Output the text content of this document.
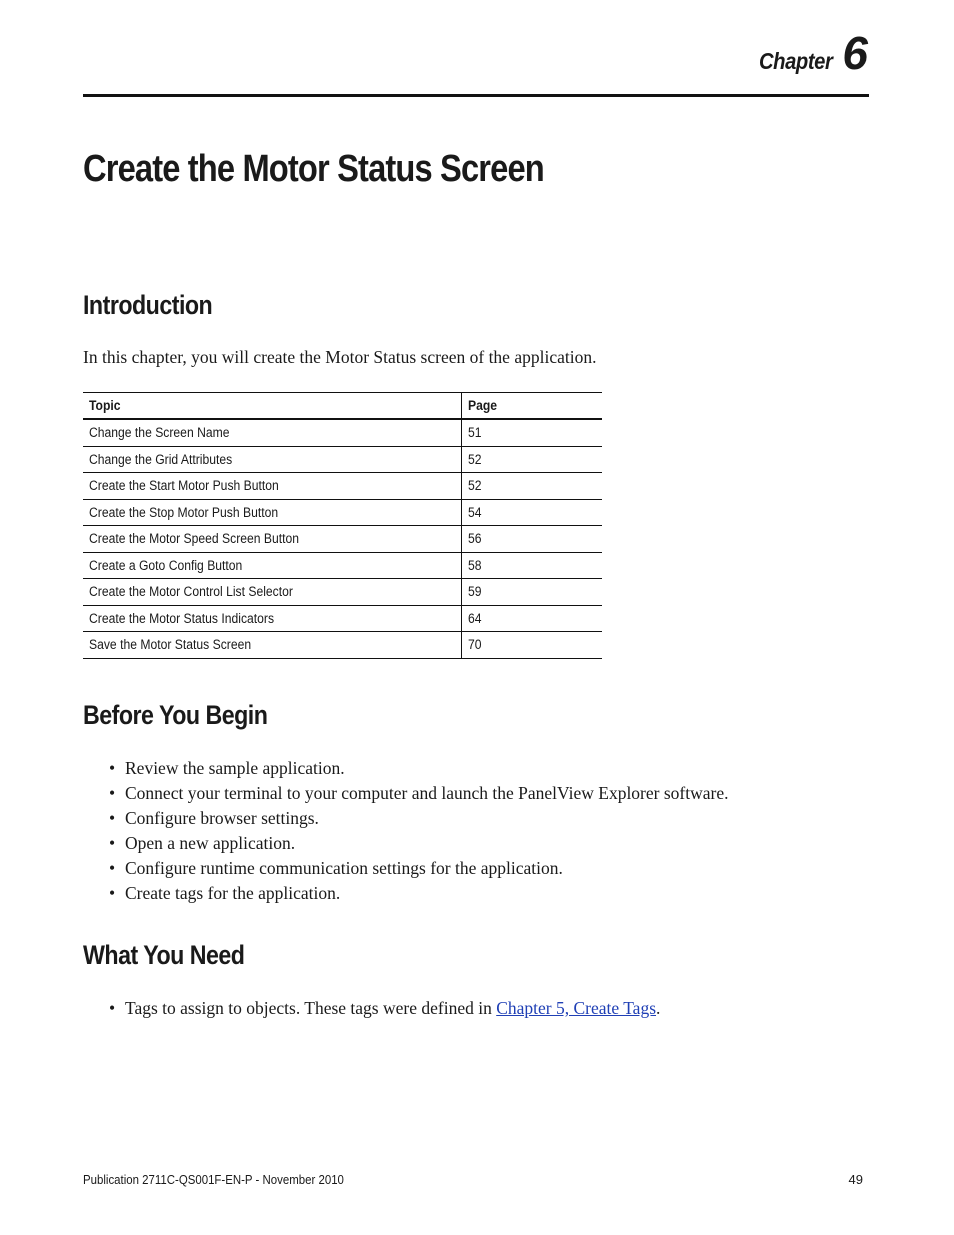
Chapter 6
Create the Motor Status Screen
Introduction

In this chapter, you will create the Motor Status screen of the application.

Topic	Page
Change the Screen Name	51
Change the Grid Attributes	52
Create the Start Motor Push Button	52
Create the Stop Motor Push Button	54
Create the Motor Speed Screen Button	56
Create a Goto Config Button	58
Create the Motor Control List Selector	59
Create the Motor Status Indicators	64
Save the Motor Status Screen	70
Before You Begin
• Review the sample application.
• Connect your terminal to your computer and launch the PanelView Explorer software.
• Configure browser settings.
• Open a new application.
• Configure runtime communication settings for the application.
• Create tags for the application.
What You Need
• Tags to assign to objects. These tags were defined in Chapter 5, Create Tags.
Publication 2711C-QS001F-EN-P - November 2010	49
